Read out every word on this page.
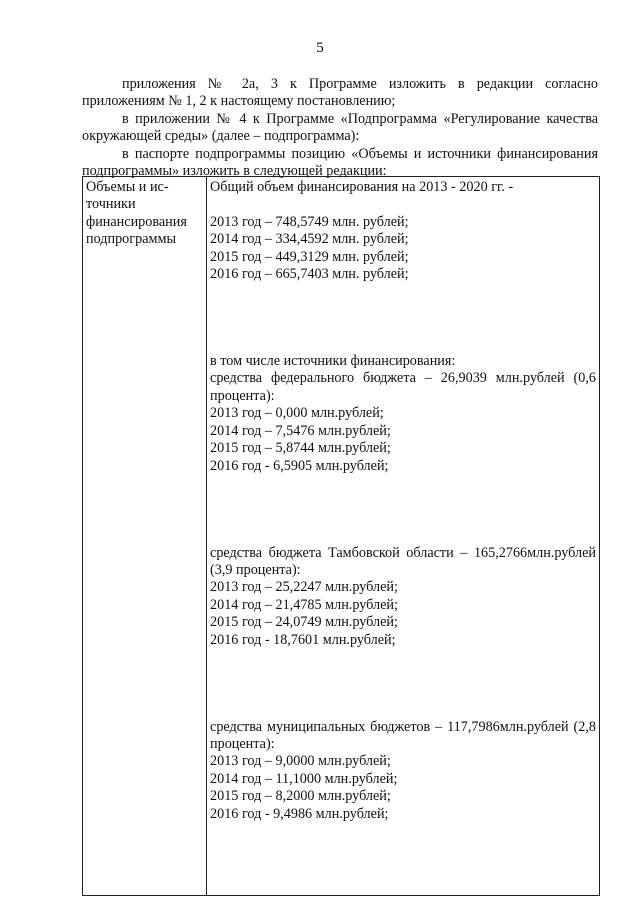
5

приложения № 2а, 3 к Программе изложить в редакции согласно приложениям № 1, 2 к настоящему постановлению;

в приложении № 4 к Программе «Подпрограмма «Регулирование качества окружающей среды» (далее – подпрограмма):

в паспорте подпрограммы позицию «Объемы и источники финансирования подпрограммы» изложить в следующей редакции:

Объемы и ис-
точники
финансирования
подпрограммы

Общий объем финансирования на 2013 - 2020 гг. -

2013 год – 748,5749 млн. рублей;
2014 год – 334,4592 млн. рублей;
2015 год – 449,3129 млн. рублей;
2016 год – 665,7403 млн. рублей;

в том числе источники финансирования:
средства федерального бюджета – 26,9039 млн.рублей (0,6 процента):
2013 год – 0,000 млн.рублей;
2014 год – 7,5476 млн.рублей;
2015 год – 5,8744 млн.рублей;
2016 год - 6,5905 млн.рублей;

средства бюджета Тамбовской области – 165,2766млн.рублей (3,9 процента):
2013 год – 25,2247 млн.рублей;
2014 год – 21,4785 млн.рублей;
2015 год – 24,0749 млн.рублей;
2016 год - 18,7601 млн.рублей;

средства муниципальных бюджетов – 117,7986млн.рублей (2,8 процента):
2013 год – 9,0000 млн.рублей;
2014 год – 11,1000 млн.рублей;
2015 год – 8,2000 млн.рублей;
2016 год - 9,4986 млн.рублей;
